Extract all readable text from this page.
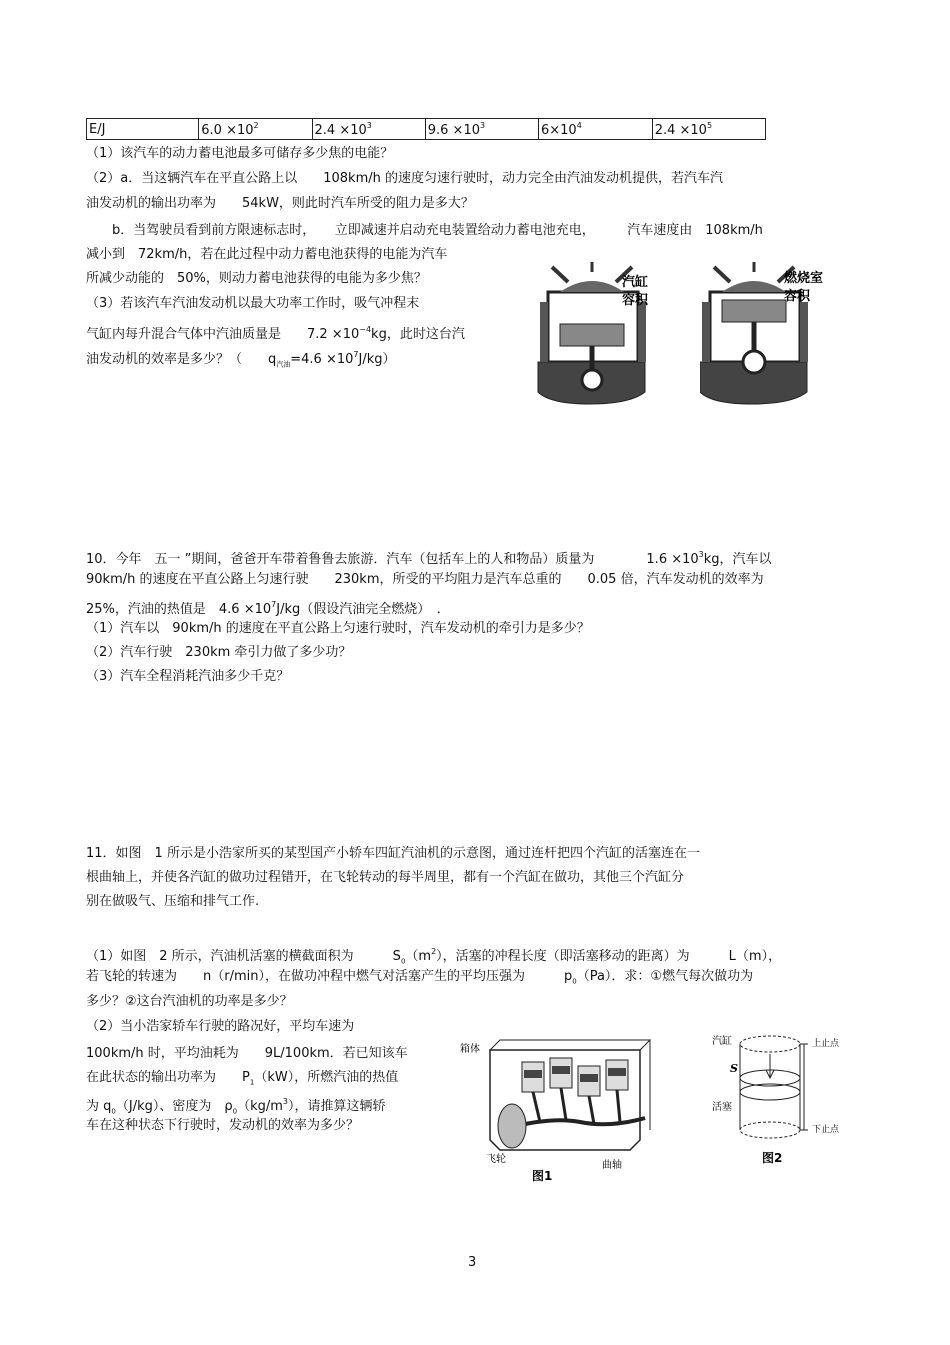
E/J	$6.0 \times 10^2$	$2.4 \times 10^3$	$9.6 \times 10^3$	$6\times 10^4$	$2.4 \times 10^5$
（1）该汽车的动力蓄电池最多可储存多少焦的电能？
（2）a．当这辆汽车在平直公路上以　　108km/h 的速度匀速行驶时，动力完全由汽油发动机提供，若汽车汽
油发动机的输出功率为　　54kW，则此时汽车所受的阻力是多大？
　　b．当驾驶员看到前方限速标志时，　　立即减速并启动充电装置给动力蓄电池充电，　　　汽车速度由　108km/h
减小到　72km/h，若在此过程中动力蓄电池获得的电能为汽车
所减少动能的　50%，则动力蓄电池获得的电能为多少焦？
（3）若该汽车汽油发动机以最大功率工作时，吸气冲程末
气缸内每升混合气体中汽油质量是　　$7.2 \times 10^{-4}kg$，此时这台汽
油发动机的效率是多少？（　　$q_{汽油}=4.6 \times 10^7J/kg$）
汽缸
容积
燃烧室
容积
10．今年　五一 ”期间，爸爸开车带着鲁鲁去旅游．汽车（包括车上的人和物品）质量为　　　　$1.6 \times 10^3kg$，汽车以
90km/h 的速度在平直公路上匀速行驶　　230km，所受的平均阻力是汽车总重的　　0.05 倍，汽车发动机的效率为
25%，汽油的热值是　$4.6 \times 10^7J/kg$（假设汽油完全燃烧）　．
（1）汽车以　90km/h 的速度在平直公路上匀速行驶时，汽车发动机的牵引力是多少？
（2）汽车行驶　230km 牵引力做了多少功？
（3）汽车全程消耗汽油多少千克？
11．如图　1 所示是小浩家所买的某型国产小轿车四缸汽油机的示意图，通过连杆把四个汽缸的活塞连在一
根曲轴上，并使各汽缸的做功过程错开，在飞轮转动的每半周里，都有一个汽缸在做功，其他三个汽缸分
别在做吸气、压缩和排气工作.
（1）如图　2 所示，汽油机活塞的横截面积为　　　$S_0(m^2)$，活塞的冲程长度（即活塞移动的距离）为　　　L（m），
若飞轮的转速为　　n（r/min），在做功冲程中燃气对活塞产生的平均压强为　　　$p_0(Pa)$．求：①燃气每次做功为
多少？②这台汽油机的功率是多少？
（2）当小浩家轿车行驶的路况好，平均车速为
100km/h 时，平均油耗为　　9L/100km．若已知该车
在此状态的输出功率为　　$P_1(kW)$，所燃汽油的热值
为 $q_0(J/kg)$、密度为　$\rho_0(kg/m^3)$，请推算这辆轿
车在这种状态下行驶时，发动机的效率为多少？
箱体
飞轮
曲轴
图1
汽缸
S
活塞
上止点
下止点
图2
3
